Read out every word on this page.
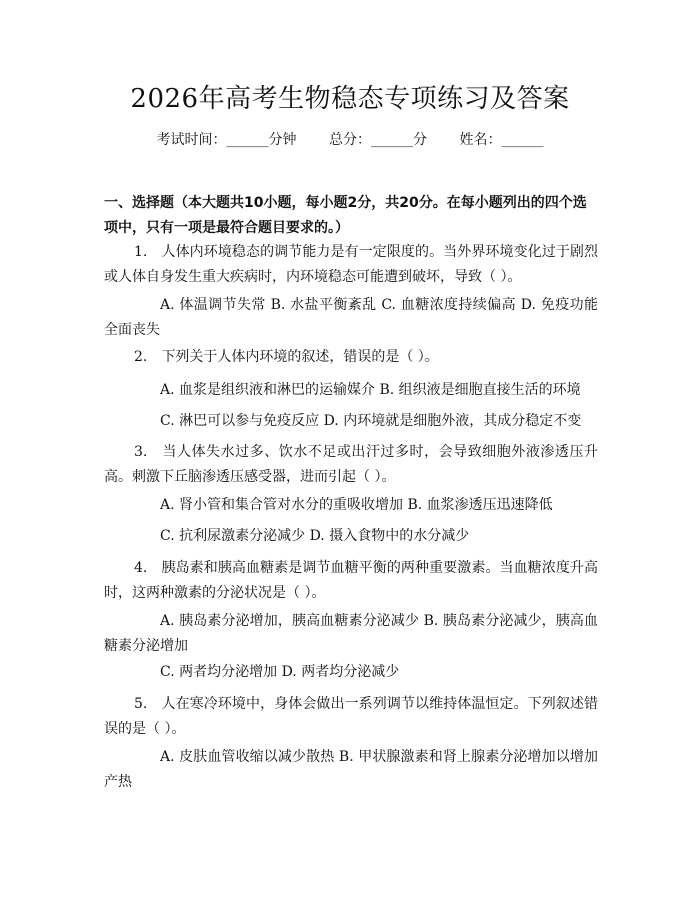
2026年高考生物稳态专项练习及答案
考试时间：______分钟 总分：______分 姓名：______
一、选择题（本大题共10小题，每小题2分，共20分。在每小题列出的四个选项中，只有一项是最符合题目要求的。）
1.　人体内环境稳态的调节能力是有一定限度的。当外界环境变化过于剧烈或人体自身发生重大疾病时，内环境稳态可能遭到破坏，导致（ ）。
A. 体温调节失常 B. 水盐平衡紊乱 C. 血糖浓度持续偏高 D. 免疫功能全面丧失
2.　下列关于人体内环境的叙述，错误的是（ ）。
A. 血浆是组织液和淋巴的运输媒介 B. 组织液是细胞直接生活的环境
C. 淋巴可以参与免疫反应 D. 内环境就是细胞外液，其成分稳定不变
3.　当人体失水过多、饮水不足或出汗过多时，会导致细胞外液渗透压升高。刺激下丘脑渗透压感受器，进而引起（ ）。
A. 肾小管和集合管对水分的重吸收增加 B. 血浆渗透压迅速降低
C. 抗利尿激素分泌减少 D. 摄入食物中的水分减少
4.　胰岛素和胰高血糖素是调节血糖平衡的两种重要激素。当血糖浓度升高时，这两种激素的分泌状况是（ ）。
A. 胰岛素分泌增加，胰高血糖素分泌减少 B. 胰岛素分泌减少，胰高血糖素分泌增加
C. 两者均分泌增加 D. 两者均分泌减少
5.　人在寒冷环境中，身体会做出一系列调节以维持体温恒定。下列叙述错误的是（ ）。
A. 皮肤血管收缩以减少散热 B. 甲状腺激素和肾上腺素分泌增加以增加产热
